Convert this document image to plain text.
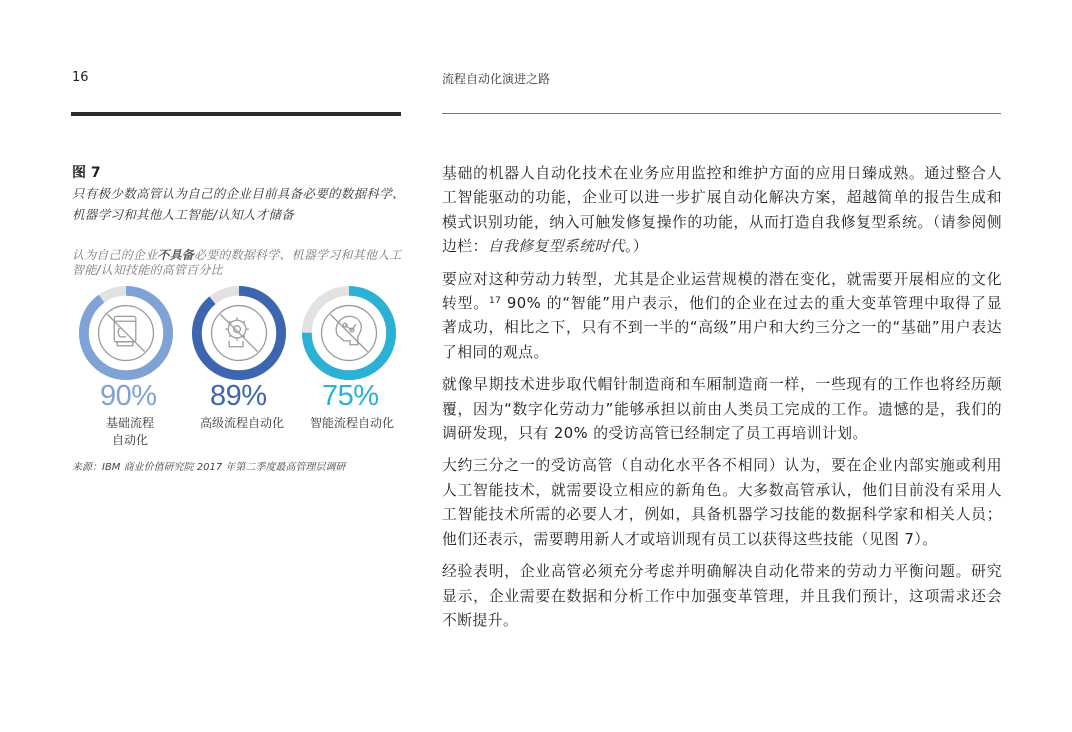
16	流程自动化演进之路
图 7
只有极少数高管认为自己的企业目前具备必要的数据科学、机器学习和其他人工智能/认知人才储备
认为自己的企业不具备必要的数据科学、机器学习和其他人工智能/认知技能的高管百分比
90% 89% 75%
基础流程
自动化
高级流程自动化	智能流程自动化
来源：IBM 商业价值研究院 2017 年第二季度最高管理层调研

基础的机器人自动化技术在业务应用监控和维护方面的应用日臻成熟。通过整合人工智能驱动的功能，企业可以进一步扩展自动化解决方案，超越简单的报告生成和模式识别功能，纳入可触发修复操作的功能，从而打造自我修复型系统。（请参阅侧边栏：自我修复型系统时代。）

要应对这种劳动力转型，尤其是企业运营规模的潜在变化，就需要开展相应的文化转型。$^{17}$ 90% 的“智能”用户表示，他们的企业在过去的重大变革管理中取得了显著成功，相比之下，只有不到一半的“高级”用户和大约三分之一的“基础”用户表达了相同的观点。

就像早期技术进步取代帽针制造商和车厢制造商一样，一些现有的工作也将经历颠覆，因为“数字化劳动力”能够承担以前由人类员工完成的工作。遗憾的是，我们的调研发现，只有 20% 的受访高管已经制定了员工再培训计划。

大约三分之一的受访高管（自动化水平各不相同）认为，要在企业内部实施或利用人工智能技术，就需要设立相应的新角色。大多数高管承认，他们目前没有采用人工智能技术所需的必要人才，例如，具备机器学习技能的数据科学家和相关人员；他们还表示，需要聘用新人才或培训现有员工以获得这些技能（见图 7）。

经验表明，企业高管必须充分考虑并明确解决自动化带来的劳动力平衡问题。研究显示，企业需要在数据和分析工作中加强变革管理，并且我们预计，这项需求还会不断提升。
